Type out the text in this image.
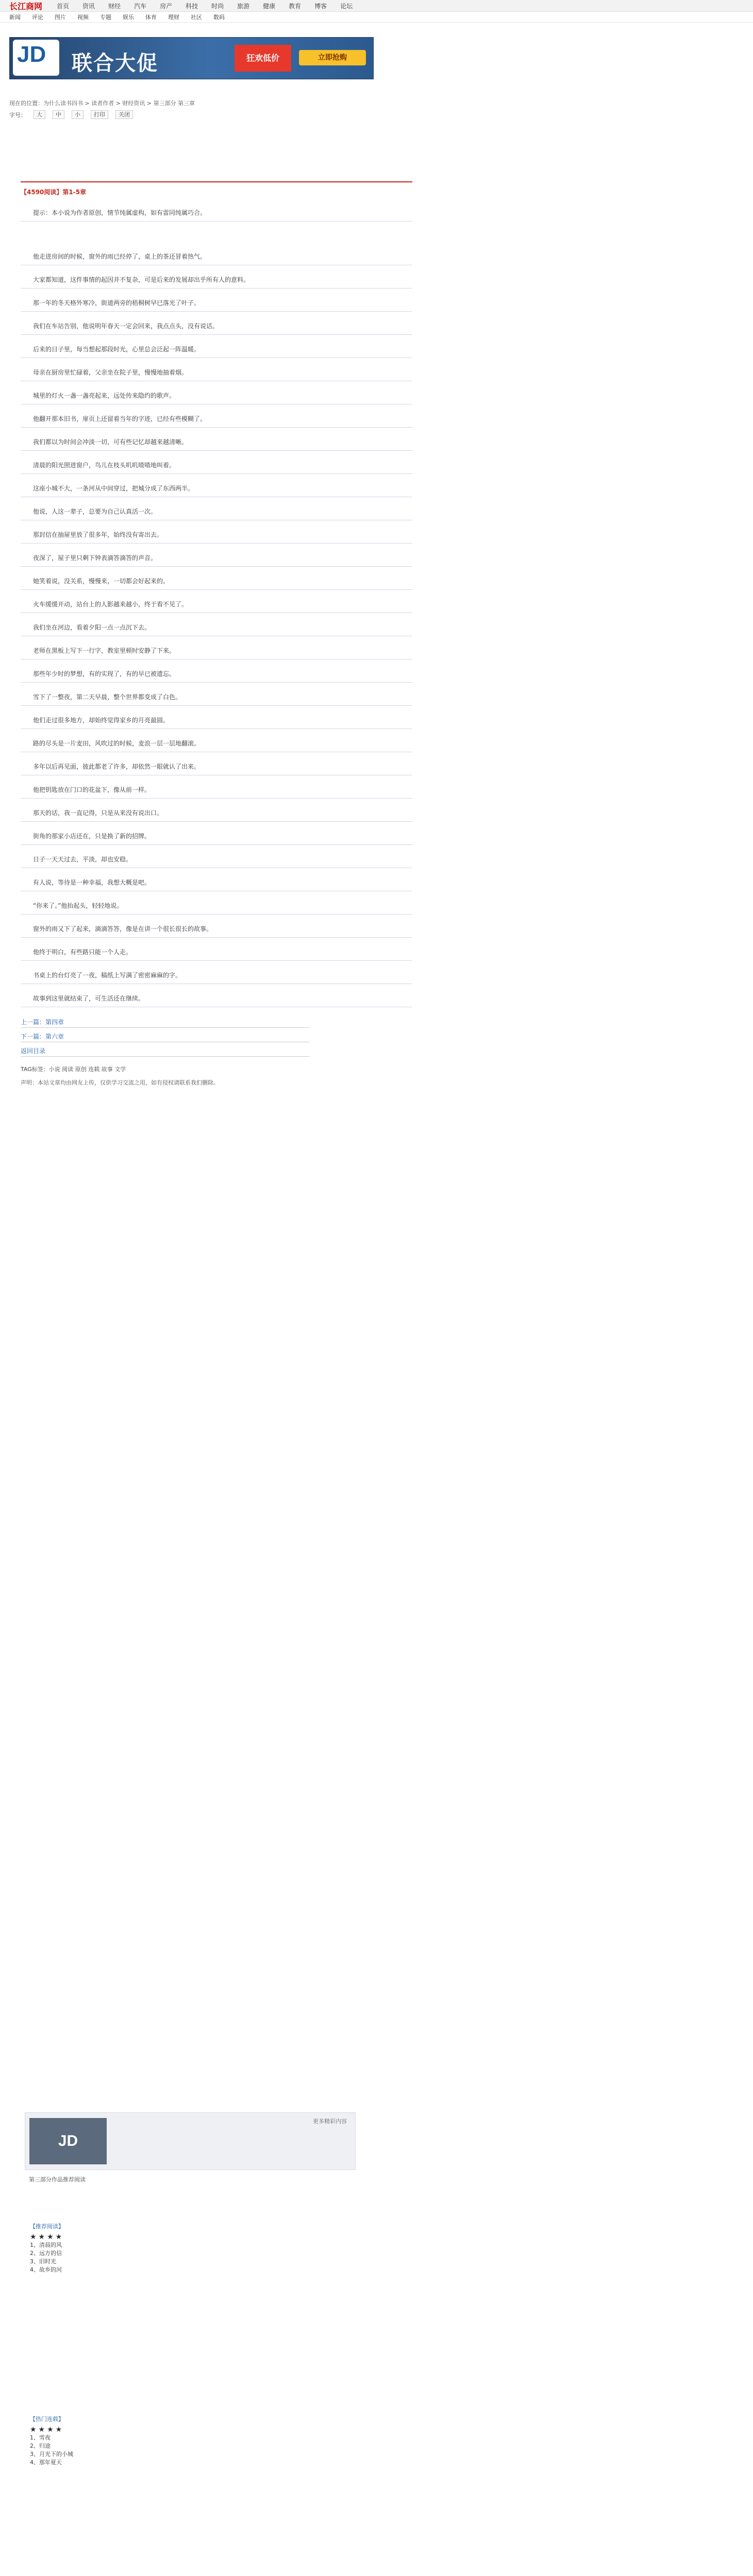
长江商网 首页 资讯 财经 汽车 房产 科技 时尚 旅游 健康 教育 博客 论坛
新闻 评论 图片 视频 专题 娱乐 体育 理财 社区 数码
JD 联合大促	狂欢低价	立即抢购
现在的位置：为什么读书四书 > 读者作者 > 财经资讯 > 第三部分 第三章
字号：	大	中	小	打印	关闭
【4590阅读】第1-5章

提示：本小说为作者原创，情节纯属虚构，如有雷同纯属巧合。

他走进房间的时候，窗外的雨已经停了，桌上的茶还冒着热气。

大家都知道，这件事情的起因并不复杂，可是后来的发展却出乎所有人的意料。

那一年的冬天格外寒冷，街道两旁的梧桐树早已落光了叶子。

我们在车站告别，他说明年春天一定会回来，我点点头，没有说话。

后来的日子里，每当想起那段时光，心里总会泛起一阵温暖。

母亲在厨房里忙碌着，父亲坐在院子里，慢慢地抽着烟。

城里的灯火一盏一盏亮起来，远处传来隐约的歌声。

他翻开那本旧书，扉页上还留着当年的字迹，已经有些模糊了。

我们都以为时间会冲淡一切，可有些记忆却越来越清晰。

清晨的阳光照进窗户，鸟儿在枝头叽叽喳喳地叫着。

这座小城不大，一条河从中间穿过，把城分成了东西两半。

他说，人这一辈子，总要为自己认真活一次。

那封信在抽屉里放了很多年，始终没有寄出去。

夜深了，屋子里只剩下钟表滴答滴答的声音。

她笑着说，没关系，慢慢来，一切都会好起来的。

火车缓缓开动，站台上的人影越来越小，终于看不见了。

我们坐在河边，看着夕阳一点一点沉下去。

老师在黑板上写下一行字，教室里顿时安静了下来。

那些年少时的梦想，有的实现了，有的早已被遗忘。

雪下了一整夜，第二天早晨，整个世界都变成了白色。

他们走过很多地方，却始终觉得家乡的月亮最圆。

路的尽头是一片麦田，风吹过的时候，麦浪一层一层地翻滚。

多年以后再见面，彼此都老了许多，却依然一眼就认了出来。

他把钥匙放在门口的花盆下，像从前一样。

那天的话，我一直记得，只是从来没有说出口。

街角的那家小店还在，只是换了新的招牌。

日子一天天过去，平淡，却也安稳。

有人说，等待是一种幸福，我想大概是吧。

“你来了。”他抬起头，轻轻地说。

窗外的雨又下了起来，滴滴答答，像是在讲一个很长很长的故事。

他终于明白，有些路只能一个人走。

书桌上的台灯亮了一夜，稿纸上写满了密密麻麻的字。

故事到这里就结束了，可生活还在继续。

上一篇：第四章
下一篇：第六章
返回目录
TAG标签：小说 阅读 原创 连载 故事 文学
声明：本站文章均由网友上传，仅供学习交流之用，如有侵权请联系我们删除。
JD
更多精彩内容
第三部分作品推荐阅读
【推荐阅读】
★★★★

1、清晨的风

2、远方的信

3、旧时光

4、故乡的河

【热门连载】
★★★★

1、雪夜

2、归途

3、月光下的小城

4、那年夏天
